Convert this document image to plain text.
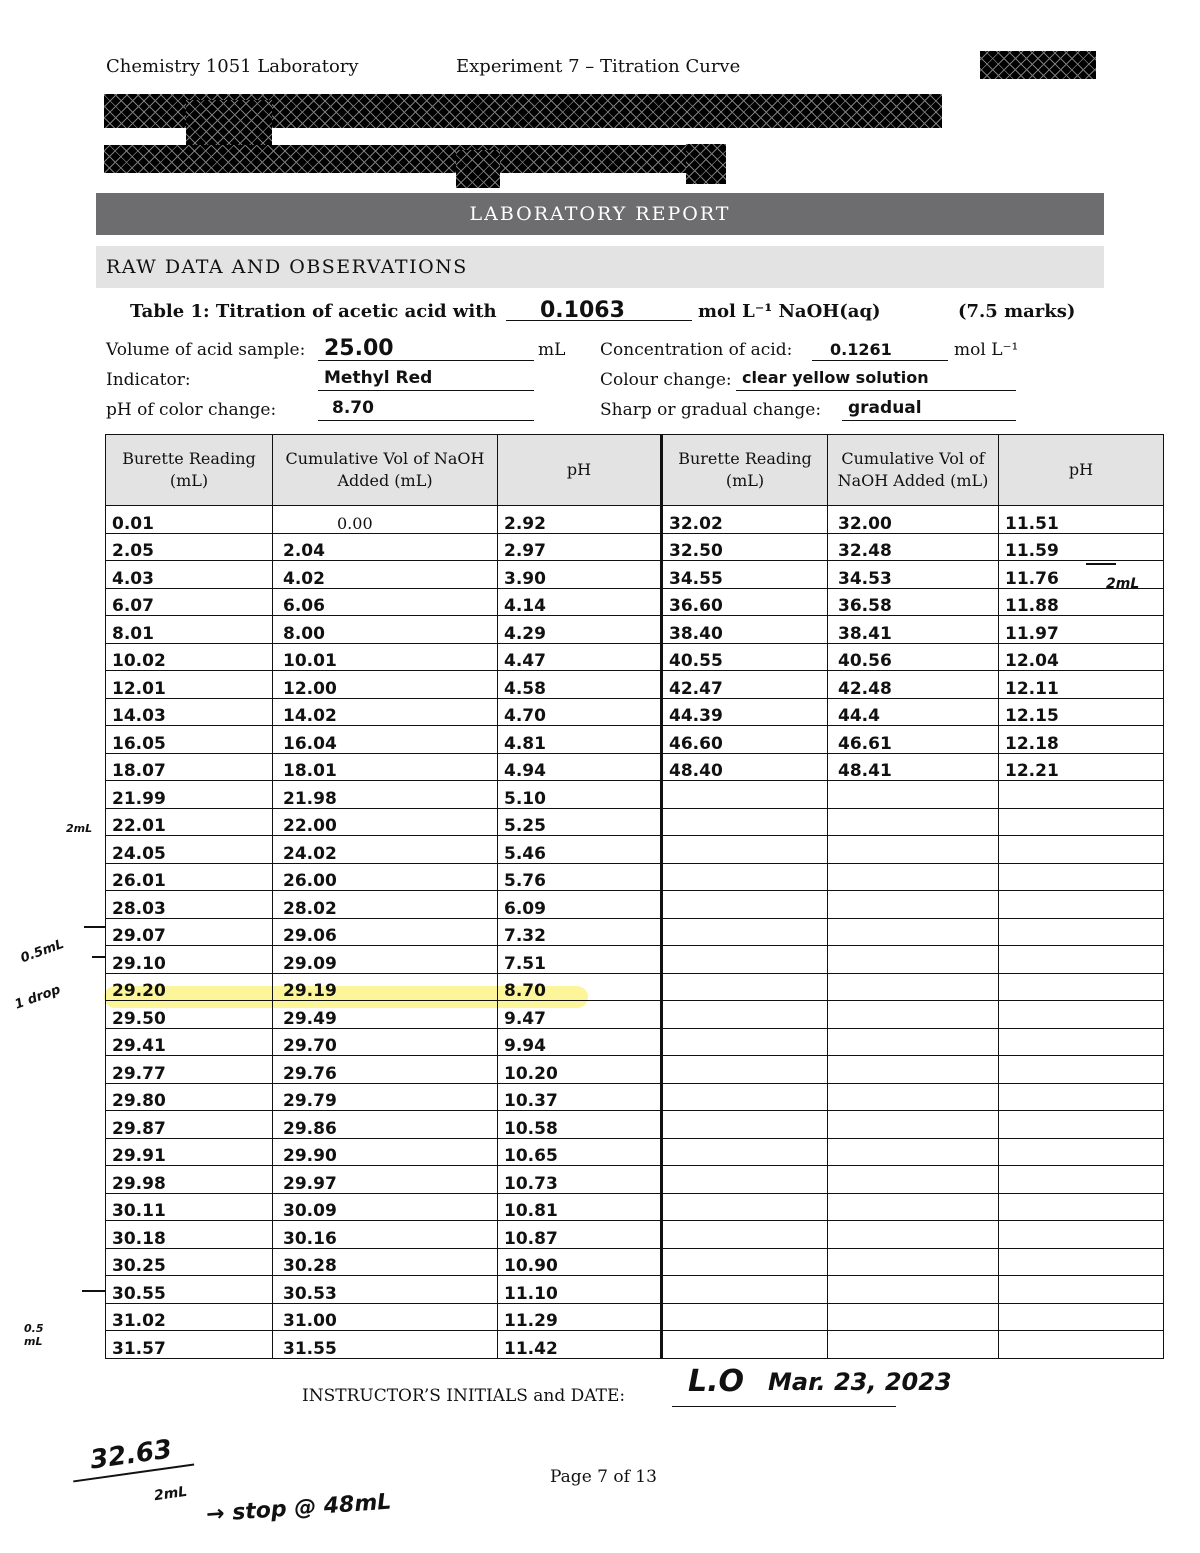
Chemistry 1051 Laboratory	Experiment 7 – Titration Curve
LABORATORY REPORT
RAW DATA AND OBSERVATIONS
Table 1: Titration of acetic acid with 0.1063	mol L⁻¹ NaOH(aq)	(7.5 marks)
Volume of acid sample: 25.00	mL
Indicator:	Methyl Red
pH of color change:	8.70
Concentration of acid: 0.1261	mol L⁻¹
Colour change: clear yellow solution
Sharp or gradual change: gradual
Burette Reading (mL)	Cumulative Vol of NaOH Added (mL)	pH	Burette Reading (mL)	Cumulative Vol of NaOH Added (mL)	pH
0.01	0.00	2.92	32.02	32.00	11.51
2.05	2.04	2.97	32.50	32.48	11.59
4.03	4.02	3.90	34.55	34.53	11.76
6.07	6.06	4.14	36.60	36.58	11.88
8.01	8.00	4.29	38.40	38.41	11.97
10.02	10.01	4.47	40.55	40.56	12.04
12.01	12.00	4.58	42.47	42.48	12.11
14.03	14.02	4.70	44.39	44.4	12.15
16.05	16.04	4.81	46.60	46.61	12.18
18.07	18.01	4.94	48.40	48.41	12.21
21.99	21.98	5.10			
22.01	22.00	5.25			
24.05	24.02	5.46			
26.01	26.00	5.76			
28.03	28.02	6.09			
29.07	29.06	7.32			
29.10	29.09	7.51			
29.20	29.19	8.70			
29.50	29.49	9.47			
29.41	29.70	9.94			
29.77	29.76	10.20			
29.80	29.79	10.37			
29.87	29.86	10.58			
29.91	29.90	10.65			
29.98	29.97	10.73			
30.11	30.09	10.81			
30.18	30.16	10.87			
30.25	30.28	10.90			
30.55	30.53	11.10			
31.02	31.00	11.29			
31.57	31.55	11.42			
INSTRUCTOR’S INITIALS and DATE: L.O Mar. 23, 2023
Page 7 of 13
2mL
2mL
0.5mL
1 drop
0.5 mL
32.63
2mL → stop @ 48mL
